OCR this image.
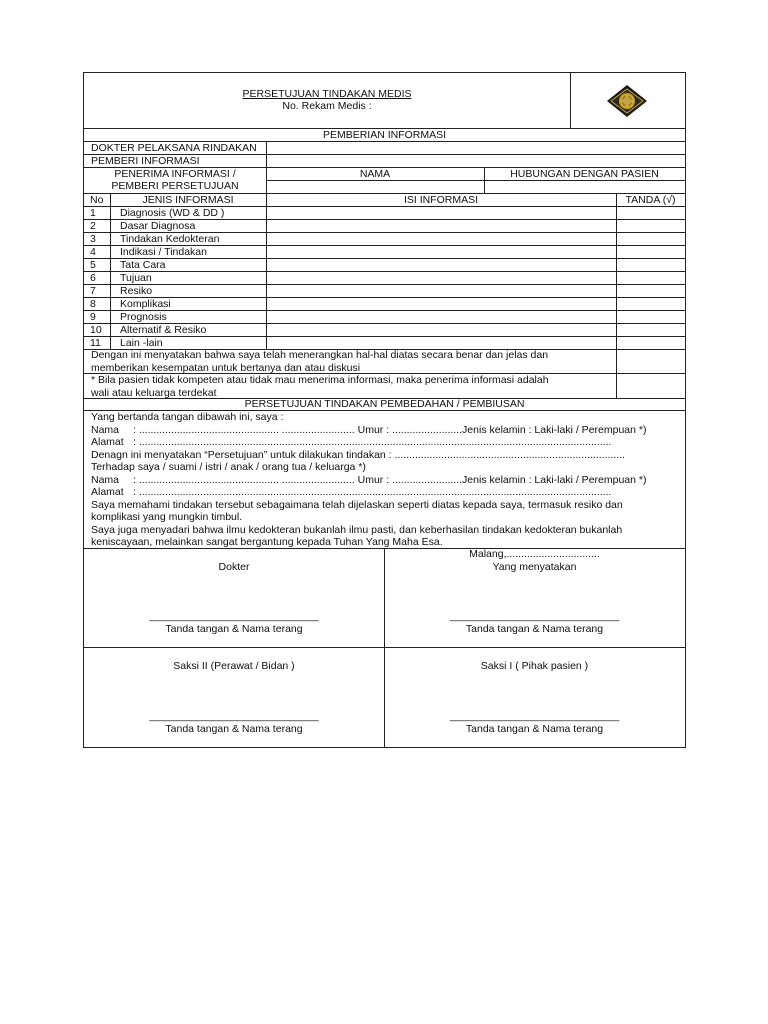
PERSETUJUAN TINDAKAN MEDIS
No. Rekam Medis :
PEMBERIAN INFORMASI
DOKTER PELAKSANA RINDAKAN
PEMBERI INFORMASI
PENERIMA INFORMASI /
PEMBERI PERSETUJUAN
NAMA	HUBUNGAN DENGAN PASIEN
No	JENIS INFORMASI	ISI INFORMASI	TANDA (√)
1 Diagnosis (WD & DD )
2 Dasar Diagnosa
3 Tindakan Kedokteran
4 Indikasi / Tindakan
5 Tata Cara
6 Tujuan
7 Resiko
8 Komplikasi
9 Prognosis
10 Alternatif & Resiko
11 Lain -lain
Dengan ini menyatakan bahwa saya telah menerangkan hal-hal diatas secara benar dan jelas dan
memberikan kesempatan untuk bertanya dan atau diskusi
* Bila pasien tidak kompeten atau tidak mau menerima informasi, maka penerima informasi adalah
wali atau keluarga terdekat
PERSETUJUAN TINDAKAN PEMBEDAHAN / PEMBIUSAN
Yang bertanda tangan dibawah ini, saya :
Nama : ................................................ ......................... Umur : ........................Jenis kelamin : Laki-laki / Perempuan *)
Alamat : ..................................................................................................................................................................
Denagn ini menyatakan “Persetujuan” untuk dilakukan tindakan : ...............................................................................
Terhadap saya / suami / istri / anak / orang tua / keluarga *)
Nama : ................................................ ......................... Umur : ........................Jenis kelamin : Laki-laki / Perempuan *)
Alamat : ..................................................................................................................................................................
Saya memahami tindakan tersebut sebagaimana telah dijelaskan seperti diatas kepada saya, termasuk resiko dan
komplikasi yang mungkin timbul.
Saya juga menyadari bahwa ilmu kedokteran bukanlah ilmu pasti, dan keberhasilan tindakan kedokteran bukanlah
keniscayaan, melainkan sangat bergantung kepada Tuhan Yang Maha Esa.
Malang,................................
Dokter	Yang menyatakan
_____________________________
Tanda tangan & Nama terang
_____________________________
Tanda tangan & Nama terang
Saksi II (Perawat / Bidan )	Saksi I ( Pihak pasien )
_____________________________
Tanda tangan & Nama terang
_____________________________
Tanda tangan & Nama terang
